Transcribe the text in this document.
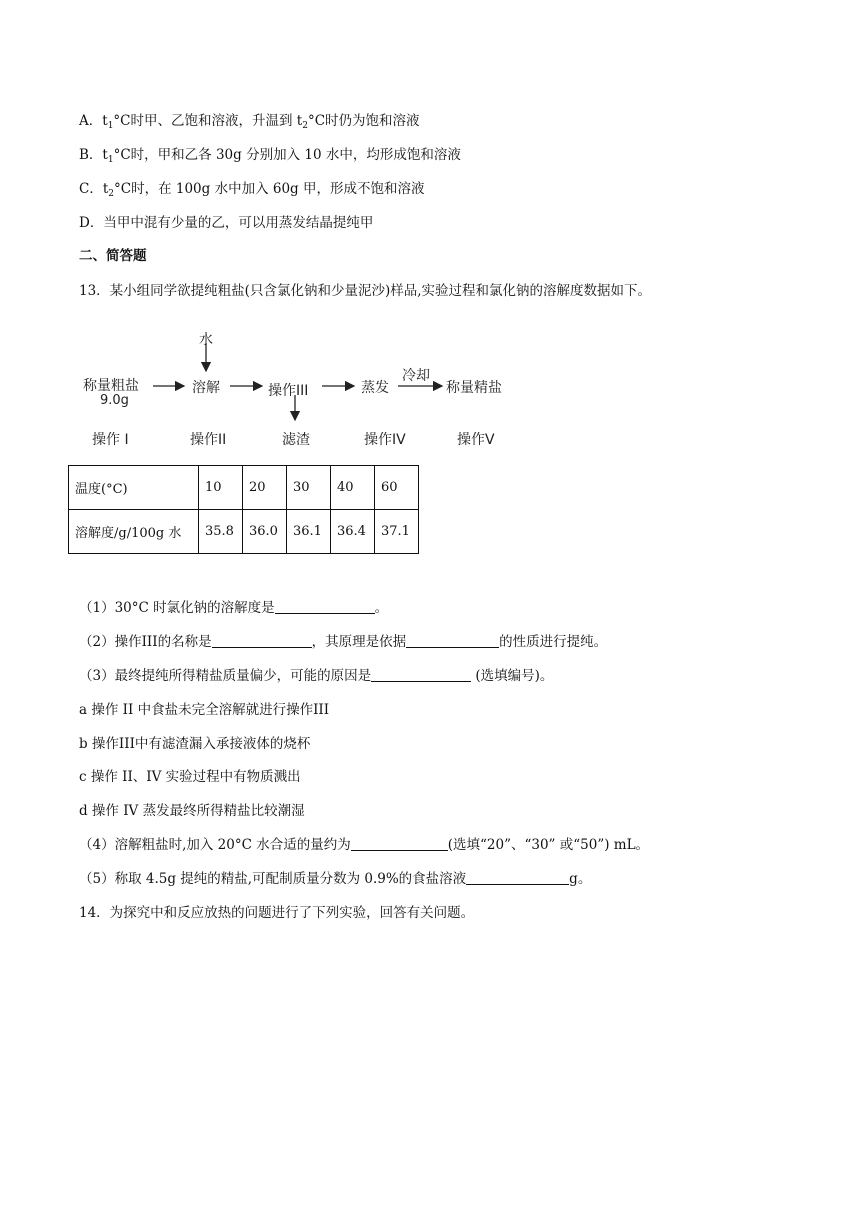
A．$t_1^\circ C$时甲、乙饱和溶液，升温到 $t_2^\circ C$时仍为饱和溶液
B．$t_1^\circ C$时，甲和乙各 30g 分别加入 10 水中，均形成饱和溶液
C．$t_2^\circ C$时，在 100g 水中加入 60g 甲，形成不饱和溶液
D．当甲中混有少量的乙，可以用蒸发结晶提纯甲
二、简答题
13．某小组同学欲提纯粗盐(只含氯化钠和少量泥沙)样品,实验过程和氯化钠的溶解度数据如下。
水
称量粗盐
9.0g
溶解	操作III
滤渣
蒸发
冷却
称量精盐
操作 I	操作II	操作IV	操作V
温度(°C)	10	20	30	40	60
溶解度/g/100g 水	35.8	36.0	36.1	36.4	37.1
（1）30°C 时氯化钠的溶解度是	。
（2）操作III的名称是	，其原理是依据	的性质进行提纯。
（3）最终提纯所得精盐质量偏少，可能的原因是	(选填编号)。
a 操作 II 中食盐未完全溶解就进行操作III
b 操作III中有滤渣漏入承接液体的烧杯
c 操作 II、IV 实验过程中有物质溅出
d 操作 IV 蒸发最终所得精盐比较潮湿
（4）溶解粗盐时,加入 20°C 水合适的量约为	(选填“20”、“30” 或“50”) mL。
（5）称取 4.5g 提纯的精盐,可配制质量分数为 0.9%的食盐溶液	g。
14．为探究中和反应放热的问题进行了下列实验，回答有关问题。
